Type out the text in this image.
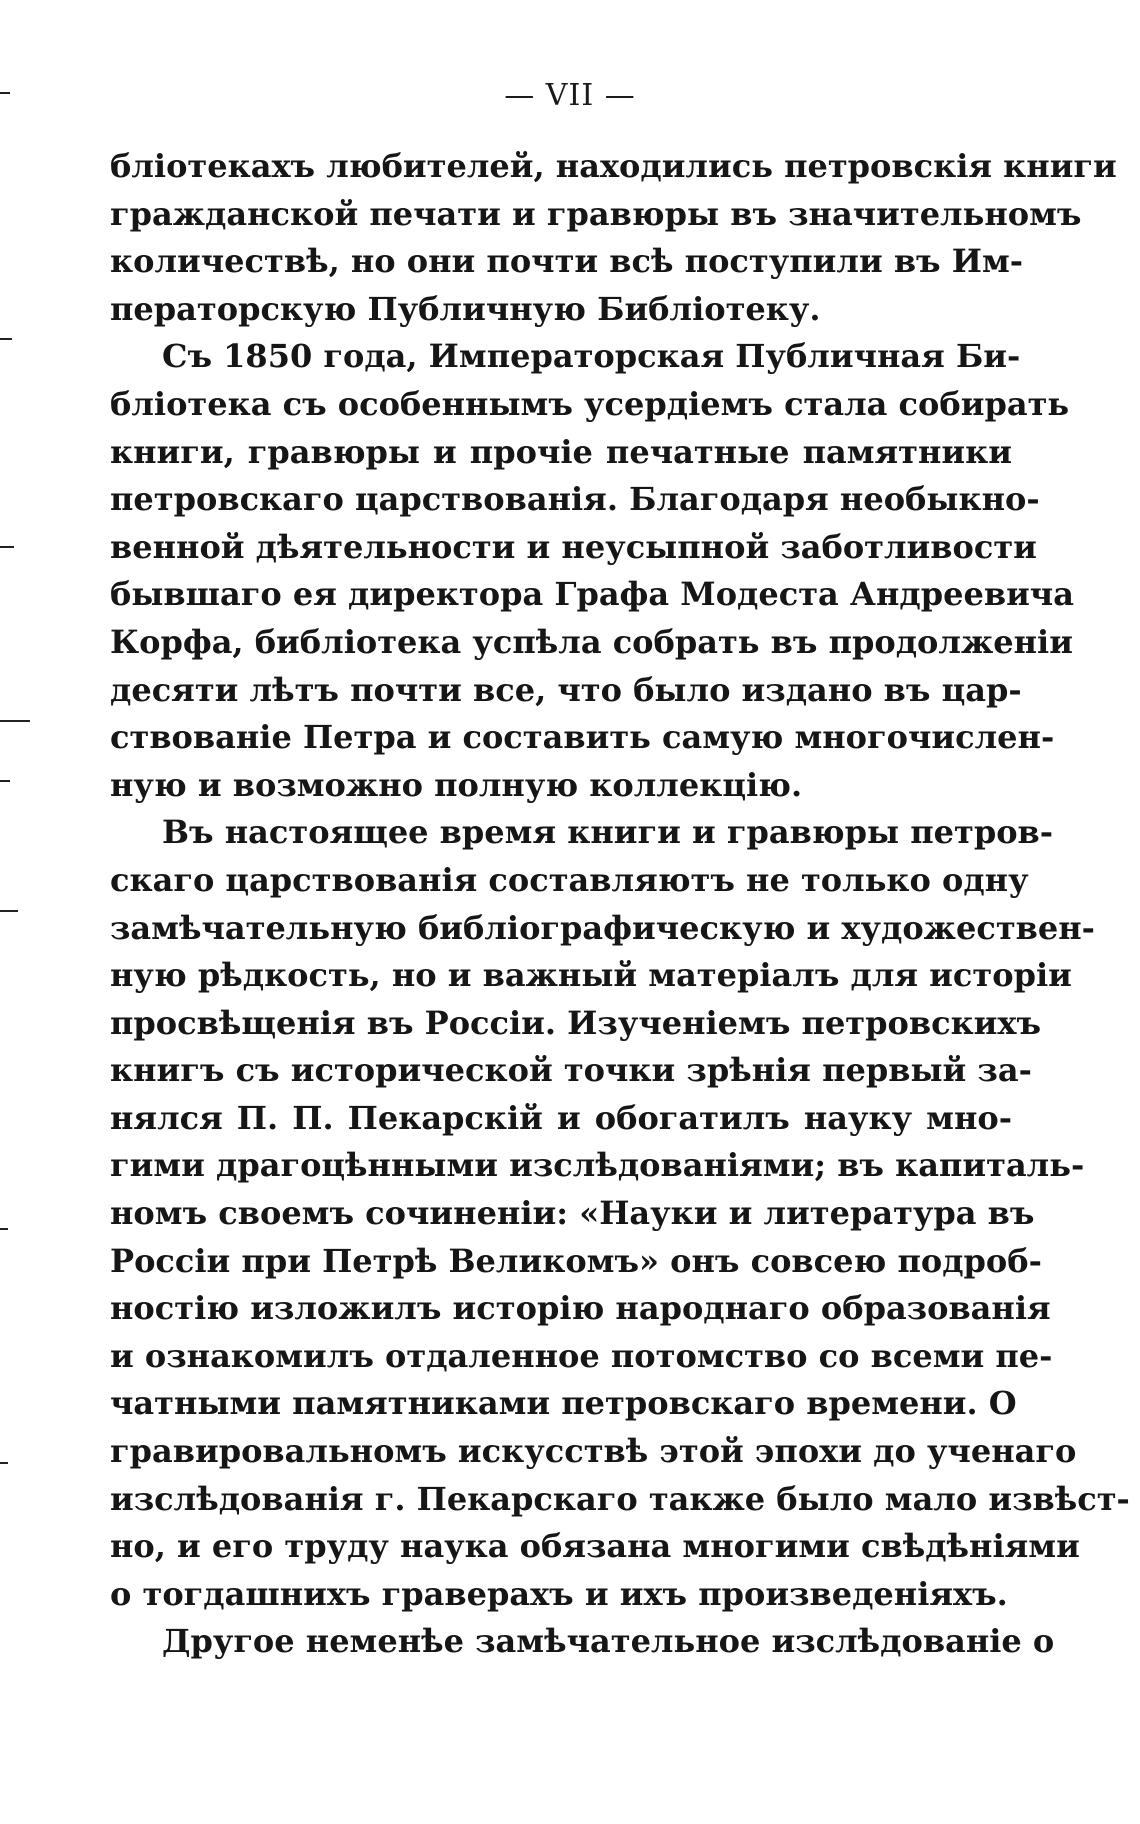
— VII —
бліотекахъ любителей, находились петровскія книги
гражданской печати и гравюры въ значительномъ
количествѣ, но они почти всѣ поступили въ Им-
ператорскую Публичную Библіотеку.
Съ 1850 года, Императорская Публичная Би-
бліотека съ особеннымъ усердіемъ стала собирать
книги, гравюры и прочіе печатные памятники
петровскаго царствованія. Благодаря необыкно-
венной дѣятельности и неусыпной заботливости
бывшаго ея директора Графа Модеста Андреевича
Корфа, библіотека успѣла собрать въ продолженіи
десяти лѣтъ почти все, что было издано въ цар-
ствованіе Петра и составить самую многочислен-
ную и возможно полную коллекцію.
Въ настоящее время книги и гравюры петров-
скаго царствованія составляютъ не только одну
замѣчательную библіографическую и художествен-
ную рѣдкость, но и важный матеріалъ для исторіи
просвѣщенія въ Россіи. Изученіемъ петровскихъ
книгъ съ исторической точки зрѣнія первый за-
нялся П. П. Пекарскій и обогатилъ науку мно-
гими драгоцѣнными изслѣдованіями; въ капиталь-
номъ своемъ сочиненіи: «Науки и литература въ
Россіи при Петрѣ Великомъ» онъ совсею подроб-
ностію изложилъ исторію народнаго образованія
и ознакомилъ отдаленное потомство со всеми пе-
чатными памятниками петровскаго времени. О
гравировальномъ искусствѣ этой эпохи до ученаго
изслѣдованія г. Пекарскаго также было мало извѣст-
но, и его труду наука обязана многими свѣдѣніями
о тогдашнихъ граверахъ и ихъ произведеніяхъ.
Другое неменѣе замѣчательное изслѣдованіе о
